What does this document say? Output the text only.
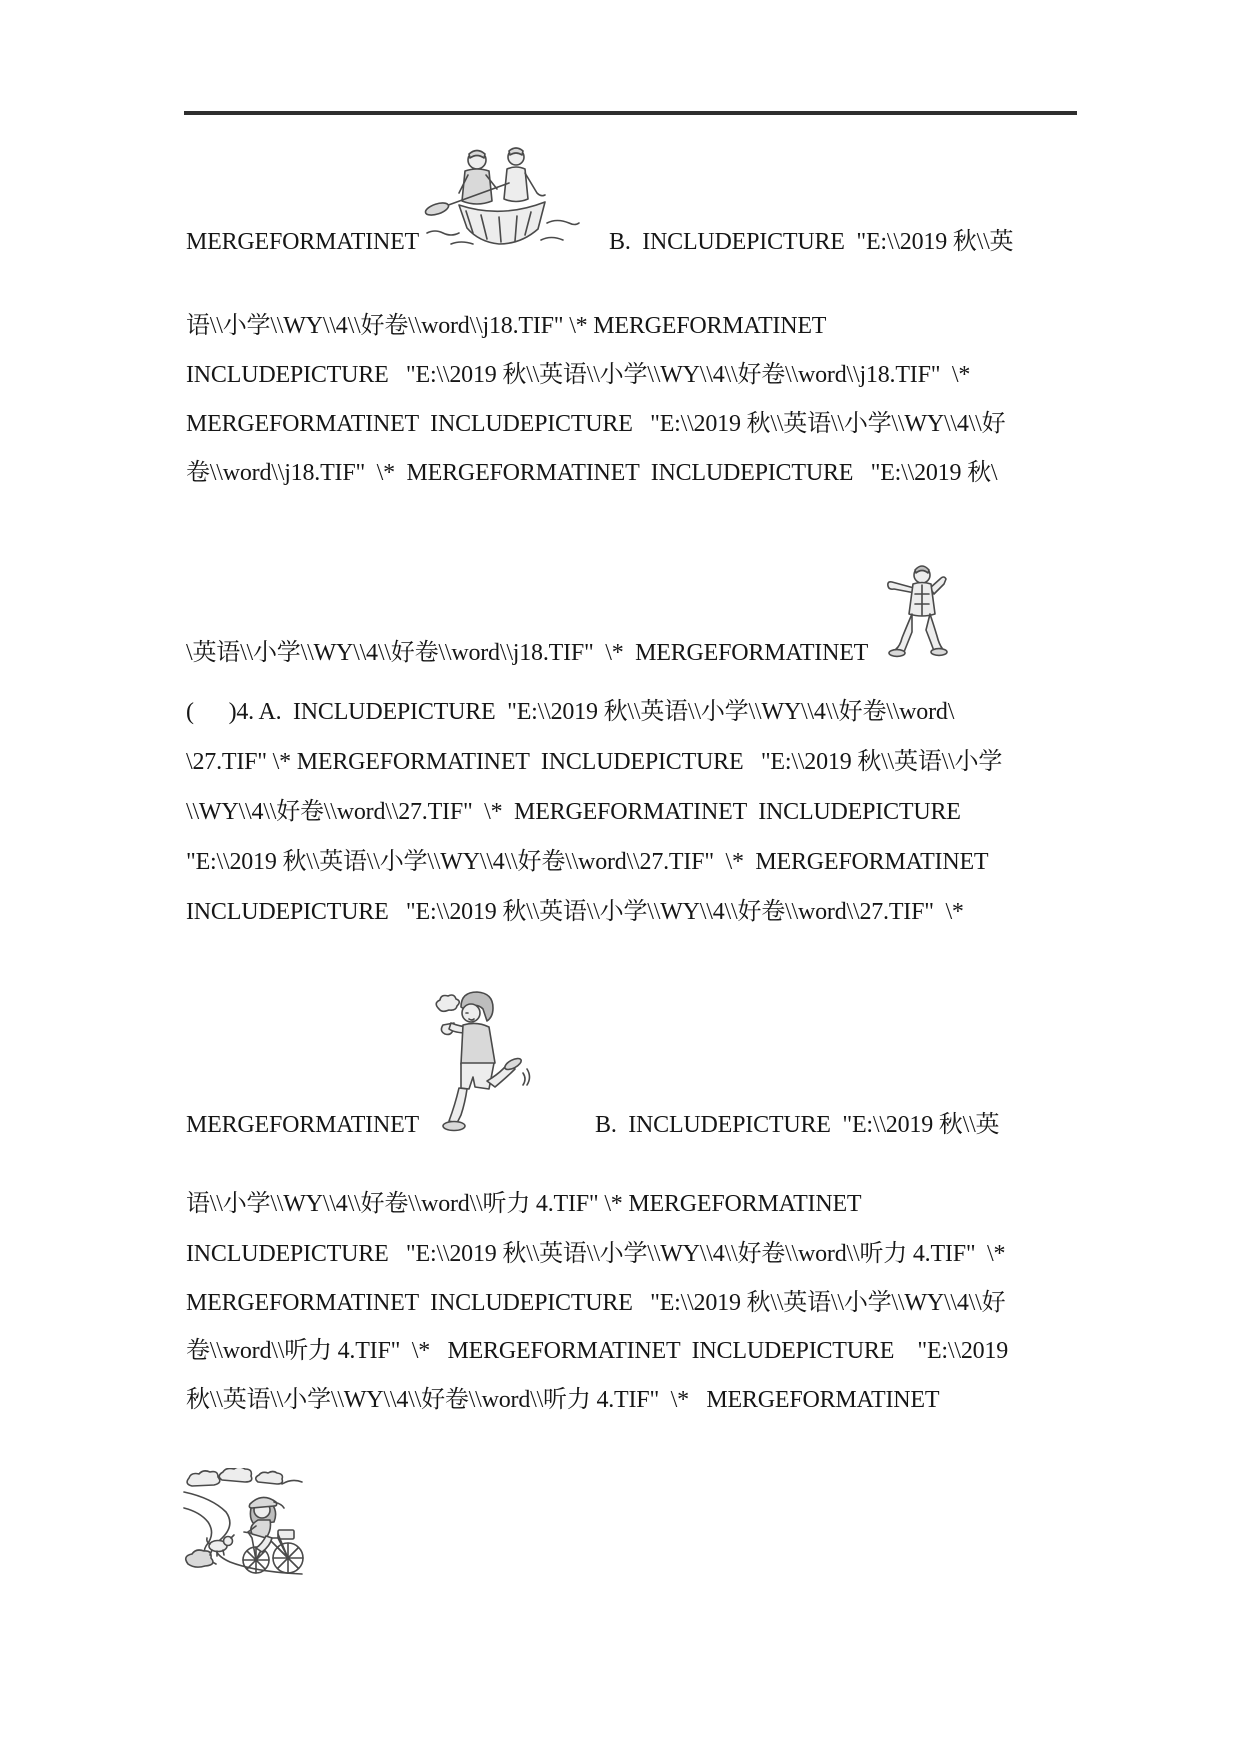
MERGEFORMATINET	B.  INCLUDEPICTURE  "E:\\2019 秋\\英
语\\小学\\WY\\4\\好卷\\word\\j18.TIF" \* MERGEFORMATINET
INCLUDEPICTURE   "E:\\2019 秋\\英语\\小学\\WY\\4\\好卷\\word\\j18.TIF"  \*
MERGEFORMATINET  INCLUDEPICTURE   "E:\\2019 秋\\英语\\小学\\WY\\4\\好
卷\\word\\j18.TIF"  \*  MERGEFORMATINET  INCLUDEPICTURE   "E:\\2019 秋\
\英语\\小学\\WY\\4\\好卷\\word\\j18.TIF"  \*  MERGEFORMATINET
(      )4. A.  INCLUDEPICTURE  "E:\\2019 秋\\英语\\小学\\WY\\4\\好卷\\word\
\27.TIF" \* MERGEFORMATINET  INCLUDEPICTURE   "E:\\2019 秋\\英语\\小学
\\WY\\4\\好卷\\word\\27.TIF"  \*  MERGEFORMATINET  INCLUDEPICTURE
"E:\\2019 秋\\英语\\小学\\WY\\4\\好卷\\word\\27.TIF"  \*  MERGEFORMATINET
INCLUDEPICTURE   "E:\\2019 秋\\英语\\小学\\WY\\4\\好卷\\word\\27.TIF"  \*
MERGEFORMATINET	B.  INCLUDEPICTURE  "E:\\2019 秋\\英
语\\小学\\WY\\4\\好卷\\word\\听力 4.TIF" \* MERGEFORMATINET
INCLUDEPICTURE   "E:\\2019 秋\\英语\\小学\\WY\\4\\好卷\\word\\听力 4.TIF"  \*
MERGEFORMATINET  INCLUDEPICTURE   "E:\\2019 秋\\英语\\小学\\WY\\4\\好
卷\\word\\听力 4.TIF"  \*   MERGEFORMATINET  INCLUDEPICTURE    "E:\\2019
秋\\英语\\小学\\WY\\4\\好卷\\word\\听力 4.TIF"  \*   MERGEFORMATINET
